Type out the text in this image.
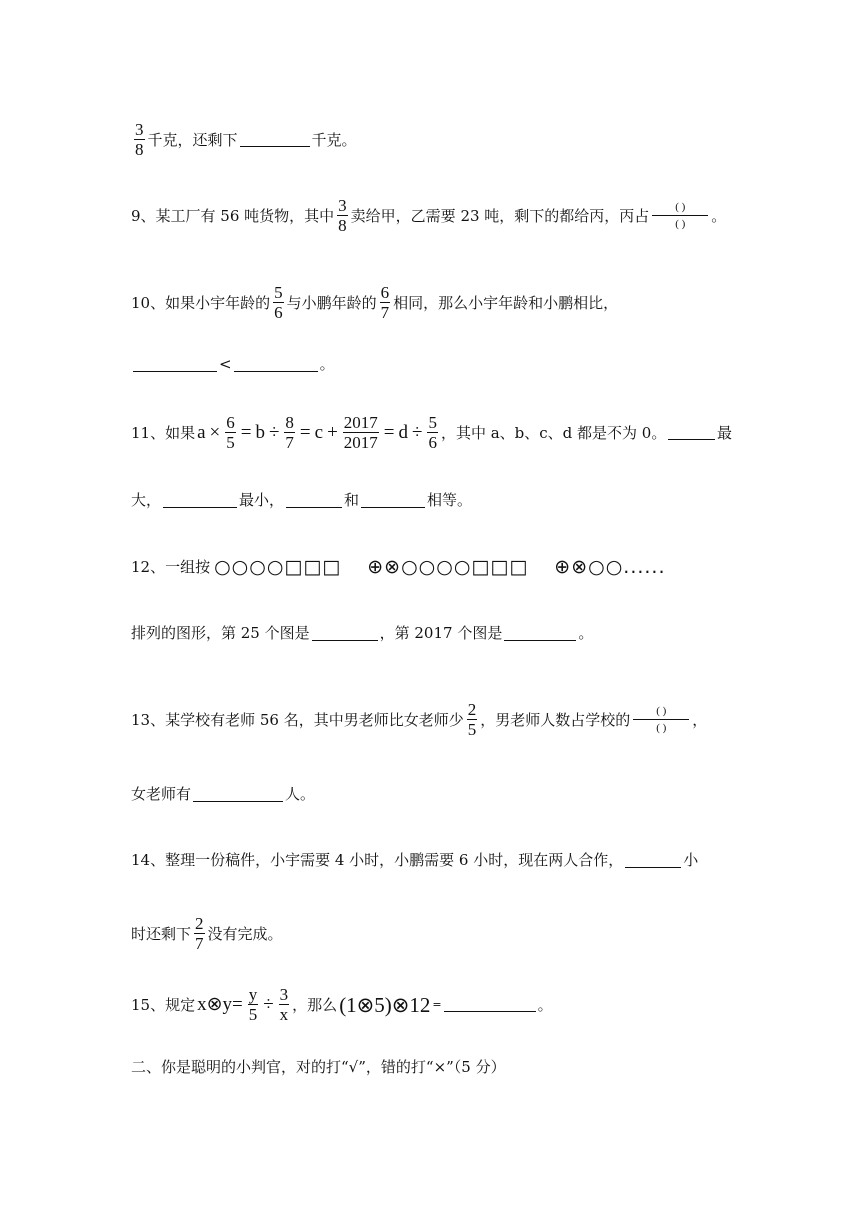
$\frac{3}{8}$ 千克，还剩下	千克。
9、某工厂有 56 吨货物，其中 $\frac{3}{8}$ 卖给甲，乙需要 23 吨，剩下的都给丙，丙占 $\frac{( )}{( )}$ 。
10、如果小宇年龄的 $\frac{5}{6}$ 与小鹏年龄的 $\frac{6}{7}$ 相同，那么小宇年龄和小鹏相比，
<	。
11、如果 $a \times \frac{6}{5} = b \div \frac{8}{7} = c + \frac{2017}{2017} = d \div \frac{5}{6}$ ，其中 a、b、c、d 都是不为 0。	最
大，	最小，	和	相等。
12、一组按 ○○○○□□□ ⊕⊗○○○○□□□ ⊕⊗○○......
排列的图形，第 25 个图是	，第 2017 个图是	。
13、某学校有老师 56 名，其中男老师比女老师少 $\frac{2}{5}$ ，男老师人数占学校的 $\frac{( )}{( )}$ ，
女老师有	人。
14、整理一份稿件，小宇需要 4 小时，小鹏需要 6 小时，现在两人合作，	小
时还剩下 $\frac{2}{7}$ 没有完成。
15、规定 x⊗y= $\frac{y}{5} \div \frac{3}{x}$ ，那么 (1⊗5)⊗12 =	。
二、你是聪明的小判官，对的打“√”，错的打“×”（5 分）
